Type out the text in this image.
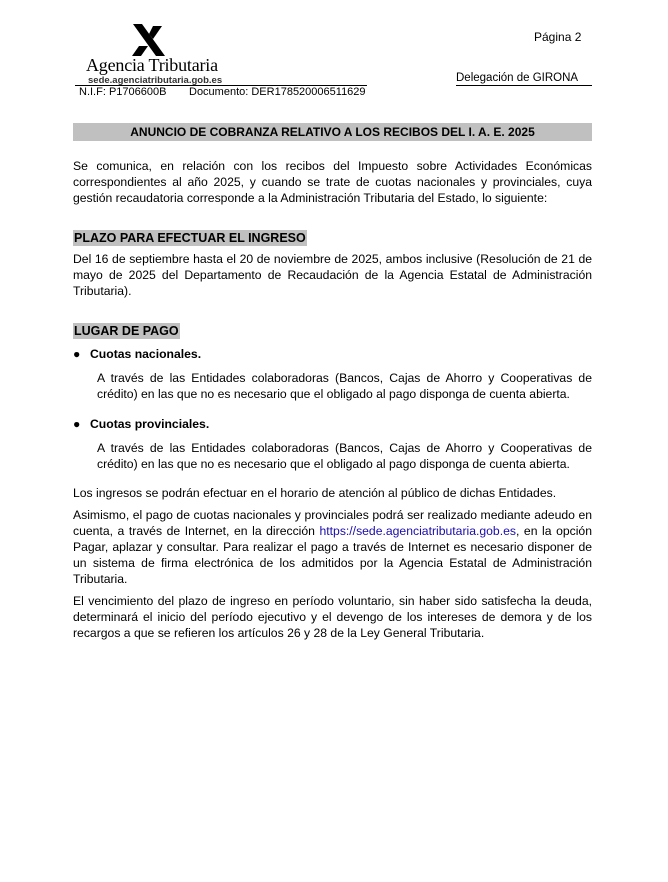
Agencia Tributaria
sede.agenciatributaria.gob.es
Página 2
Delegación de GIRONA
N.I.F: P1706600B Documento: DER178520006511629
ANUNCIO DE COBRANZA RELATIVO A LOS RECIBOS DEL I. A. E. 2025

Se comunica, en relación con los recibos del Impuesto sobre Actividades Económicas correspondientes al año 2025, y cuando se trate de cuotas nacionales y provinciales, cuya gestión recaudatoria corresponde a la Administración Tributaria del Estado, lo siguiente:

PLAZO PARA EFECTUAR EL INGRESO

Del 16 de septiembre hasta el 20 de noviembre de 2025, ambos inclusive (Resolución de 21 de mayo de 2025 del Departamento de Recaudación de la Agencia Estatal de Administración Tributaria).

LUGAR DE PAGO
● Cuotas nacionales.

A través de las Entidades colaboradoras (Bancos, Cajas de Ahorro y Cooperativas de crédito) en las que no es necesario que el obligado al pago disponga de cuenta abierta.

● Cuotas provinciales.

A través de las Entidades colaboradoras (Bancos, Cajas de Ahorro y Cooperativas de crédito) en las que no es necesario que el obligado al pago disponga de cuenta abierta.

Los ingresos se podrán efectuar en el horario de atención al público de dichas Entidades.

Asimismo, el pago de cuotas nacionales y provinciales podrá ser realizado mediante adeudo en cuenta, a través de Internet, en la dirección https://sede.agenciatributaria.gob.es, en la opción Pagar, aplazar y consultar. Para realizar el pago a través de Internet es necesario disponer de un sistema de firma electrónica de los admitidos por la Agencia Estatal de Administración Tributaria.

El vencimiento del plazo de ingreso en período voluntario, sin haber sido satisfecha la deuda, determinará el inicio del período ejecutivo y el devengo de los intereses de demora y de los recargos a que se refieren los artículos 26 y 28 de la Ley General Tributaria.
